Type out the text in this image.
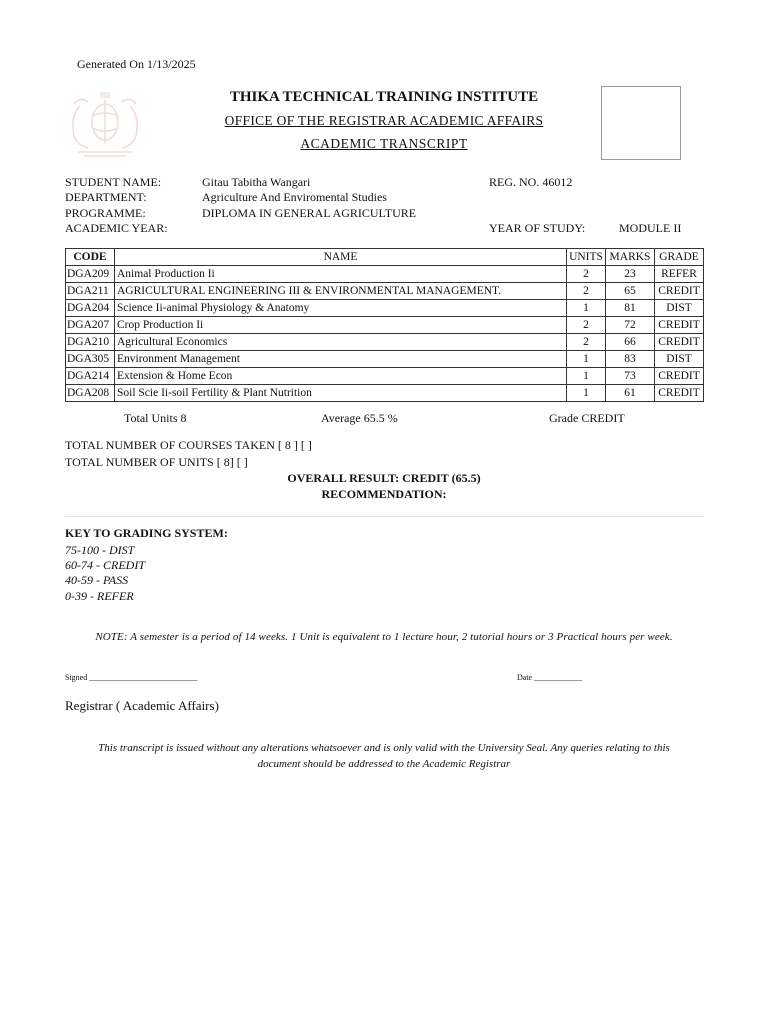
Generated On 1/13/2025
THIKA TECHNICAL TRAINING INSTITUTE
OFFICE OF THE REGISTRAR ACADEMIC AFFAIRS
ACADEMIC TRANSCRIPT
STUDENT NAME:	Gitau Tabitha Wangari	REG. NO. 46012
DEPARTMENT:	Agriculture And Enviromental Studies
PROGRAMME:	DIPLOMA IN GENERAL AGRICULTURE
ACADEMIC YEAR:	YEAR OF STUDY:	MODULE II
CODE	NAME	UNITS	MARKS	GRADE
DGA209	Animal Production Ii	2	23	REFER
DGA211	AGRICULTURAL ENGINEERING III & ENVIRONMENTAL MANAGEMENT.	2	65	CREDIT
DGA204	Science Ii-animal Physiology & Anatomy	1	81	DIST
DGA207	Crop Production Ii	2	72	CREDIT
DGA210	Agricultural Economics	2	66	CREDIT
DGA305	Environment Management	1	83	DIST
DGA214	Extension & Home Econ	1	73	CREDIT
DGA208	Soil Scie Ii-soil Fertility & Plant Nutrition	1	61	CREDIT
Total Units 8	Average 65.5 %	Grade CREDIT
TOTAL NUMBER OF COURSES TAKEN [ 8 ] [ ]
TOTAL NUMBER OF UNITS [ 8] [ ]
OVERALL RESULT: CREDIT (65.5)
RECOMMENDATION:
KEY TO GRADING SYSTEM:
75-100 - DIST
60-74 - CREDIT
40-59 - PASS
0-39 - REFER
NOTE: A semester is a period of 14 weeks. 1 Unit is equivalent to 1 lecture hour, 2 tutorial hours or 3 Practical hours per week.
Signed ___________________________	Date ____________
Registrar ( Academic Affairs)
This transcript is issued without any alterations whatsoever and is only valid with the University Seal. Any queries relating to this
document should be addressed to the Academic Registrar
